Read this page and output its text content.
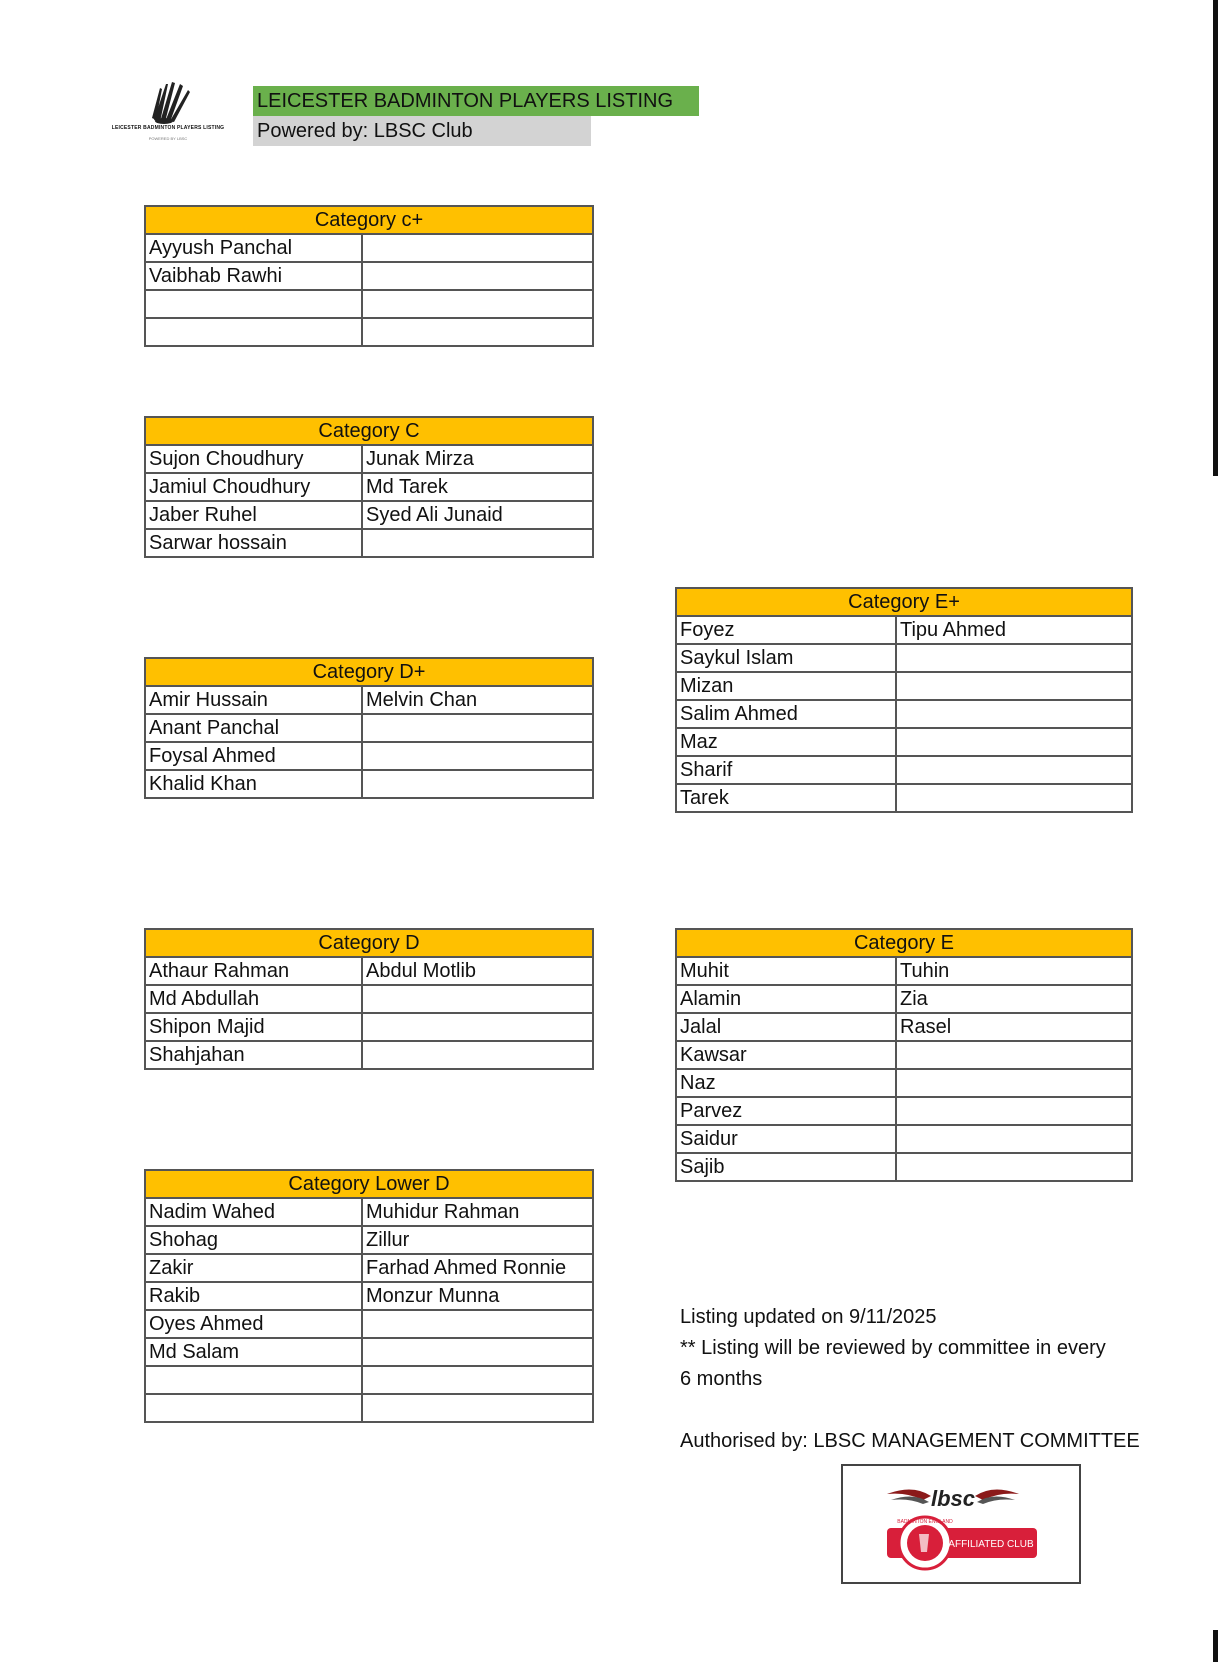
LEICESTER BADMINTON PLAYERS LISTING
POWERED BY LBSC
LEICESTER BADMINTON PLAYERS LISTING
Powered by: LBSC Club
Category c+	
Ayyush Panchal	
Vaibhab Rawhi	

Category C	
Sujon Choudhury	Junak Mirza
Jamiul Choudhury	Md Tarek
Jaber Ruhel	Syed Ali Junaid
Sarwar hossain	
Category D+	
Amir Hussain	Melvin Chan
Anant Panchal	
Foysal Ahmed	
Khalid Khan	
Category D	
Athaur Rahman	Abdul Motlib
Md Abdullah	
Shipon Majid	
Shahjahan	
Category Lower D	
Nadim Wahed	Muhidur Rahman
Shohag	Zillur
Zakir	Farhad Ahmed Ronnie
Rakib	Monzur Munna
Oyes Ahmed	
Md Salam	

Category E+	
Foyez	Tipu Ahmed
Saykul Islam	
Mizan	
Salim Ahmed	
Maz	
Sharif	
Tarek	
Category E	
Muhit	Tuhin
Alamin	Zia
Jalal	Rasel
Kawsar	
Naz	
Parvez	
Saidur	
Sajib	
Listing updated on 9/11/2025
** Listing will be reviewed by committee in every
6 months
Authorised by: LBSC MANAGEMENT COMMITTEE
lbsc
BADMINTON ENGLAND
AFFILIATED CLUB
